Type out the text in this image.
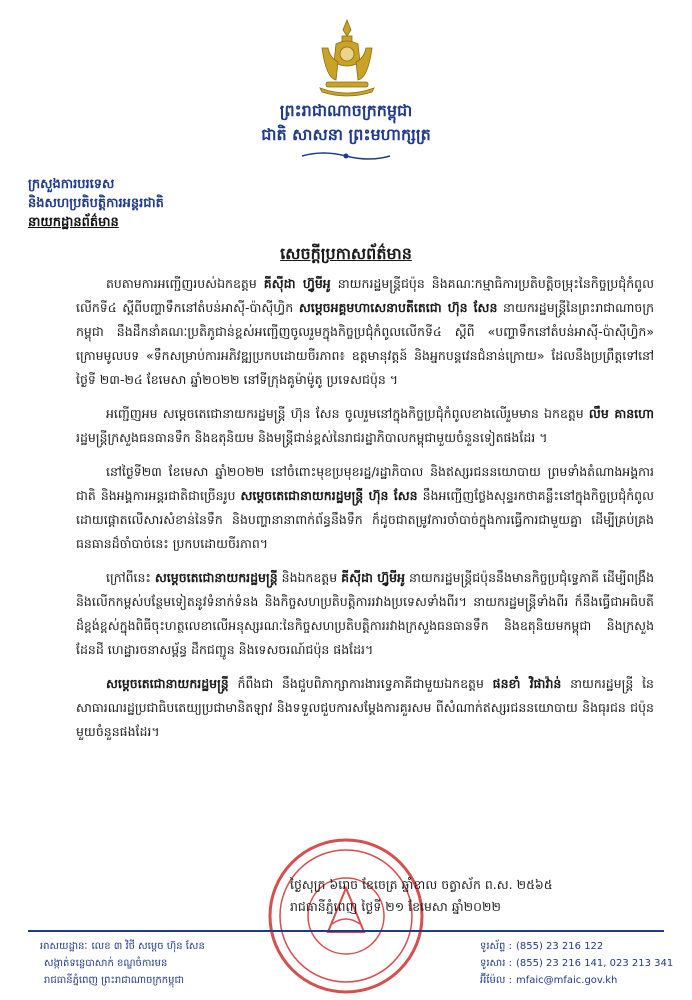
ព្រះរាជាណាចក្រកម្ពុជា
ជាតិ សាសនា ព្រះមហាក្សត្រ
ក្រសួងការបរទេស
និងសហប្រតិបត្តិការអន្តរជាតិ
នាយកដ្ឋានព័ត៌មាន
សេចក្តីប្រកាសព័ត៌មាន

តបតាមការអញ្ជើញរបស់ឯកឧត្តម គីស៊ីដា ហ្វ៊ូមីអូ នាយករដ្ឋមន្ត្រីជប៉ុន និងគណៈកម្មាធិការប្រតិបត្តិចម្រុះនៃកិច្ចប្រជុំកំពូលលើកទី៤ ស្តីពីបញ្ហាទឹកនៅតំបន់អាស៊ី-ប៉ាស៊ីហ្វិក សម្តេចអគ្គមហាសេនាបតីតេជោ ហ៊ុន សែន នាយករដ្ឋមន្ត្រីនៃព្រះរាជាណាចក្រកម្ពុជា នឹងដឹកនាំគណៈប្រតិភូជាន់ខ្ពស់អញ្ជើញចូលរួមក្នុងកិច្ចប្រជុំកំពូលលើកទី៤ ស្តីពី «បញ្ហាទឹកនៅតំបន់អាស៊ី-ប៉ាស៊ីហ្វិក» ក្រោមមូលបទ «ទឹកសម្រាប់ការអភិវឌ្ឍប្រកបដោយចីរភាព៖ ឧត្តមានុវត្តន៍ និងអ្នកបន្តវេនជំនាន់ក្រោយ» ដែលនឹងប្រព្រឹត្តទៅនៅថ្ងៃទី ២៣-២៤ ខែមេសា ឆ្នាំ២០២២ នៅទីក្រុងគូម៉ាម៉ូតូ ប្រទេសជប៉ុន ។

អញ្ជើញអម សម្តេចតេជោនាយករដ្ឋមន្ត្រី ហ៊ុន សែន ចូលរួមនៅក្នុងកិច្ចប្រជុំកំពូលខាងលើរួមមាន ឯកឧត្តម លឹម គានហោ រដ្ឋមន្ត្រីក្រសួងធនធានទឹក និងឧតុនិយម និងមន្ត្រីជាន់ខ្ពស់នៃរាជរដ្ឋាភិបាលកម្ពុជាមួយចំនួនទៀតផងដែរ ។

នៅថ្ងៃទី២៣ ខែមេសា ឆ្នាំ២០២២ នៅចំពោះមុខប្រមុខរដ្ឋ/រដ្ឋាភិបាល និងឥស្សរជននយោបាយ ព្រមទាំងតំណាងអង្គការជាតិ និងអង្គការអន្តរជាតិជាច្រើនរូប សម្តេចតេជោនាយករដ្ឋមន្ត្រី ហ៊ុន សែន នឹងអញ្ជើញថ្លែងសុន្ទរកថាគន្លឹះនៅក្នុងកិច្ចប្រជុំកំពូល ដោយផ្តោតលើសារសំខាន់នៃទឹក និងបញ្ហានានាពាក់ព័ន្ធនឹងទឹក ក៏ដូចជាតម្រូវការចាំបាច់ក្នុងការធ្វើការជាមួយគ្នា ដើម្បីគ្រប់គ្រងធនធានដ៏ចាំបាច់នេះ ប្រកបដោយចីរភាព។

ក្រៅពីនេះ សម្តេចតេជោនាយករដ្ឋមន្ត្រី និងឯកឧត្តម គីស៊ីដា ហ្វ៊ូមីអូ នាយករដ្ឋមន្ត្រីជប៉ុននឹងមានកិច្ចប្រជុំទ្វេភាគី ដើម្បីពង្រឹង និងលើកកម្ពស់បន្ថែមទៀតនូវទំនាក់ទំនង និងកិច្ចសហប្រតិបត្តិការរវាងប្រទេសទាំងពីរ។ នាយករដ្ឋមន្ត្រីទាំងពីរ ក៏នឹងធ្វើជាអធិបតីដ៏ខ្ពង់ខ្ពស់ក្នុងពិធីចុះហត្ថលេខាលើអនុស្សរណៈនៃកិច្ចសហប្រតិបត្តិការរវាងក្រសួងធនធានទឹក និងឧតុនិយមកម្ពុជា និងក្រសួងដែនដី ហេដ្ឋារចនាសម្ព័ន្ធ ដឹកជញ្ជូន និងទេសចរណ៍ជប៉ុន ផងដែរ។

សម្តេចតេជោនាយករដ្ឋមន្ត្រី ក៏ពឹងជា នឹងជួបពិភាក្សាការងារទ្វេភាគីជាមួយឯកឧត្តម ផនខាំ វិផាវ៉ាន់ នាយករដ្ឋមន្ត្រី នៃសាធារណរដ្ឋប្រជាធិបតេយ្យប្រជាមានិតឡាវ និងទទួលជួបការសម្តែងការគួរសម ពីសំណាក់ឥស្សរជននយោបាយ និងធុរជន ជប៉ុនមួយចំនួនផងដែរ។

ថ្ងៃសុក្រ ៦រោច ខែចេត្រ ឆ្នាំខាល ចត្វាស័ក ព.ស. ២៥៦៥
រាជធានីភ្នំពេញ ថ្ងៃទី ២១ ខែមេសា ឆ្នាំ២០២២
អាសយដ្ឋានៈ លេខ ៣ វិថី សម្តេច ហ៊ុន សែន
សង្កាត់ទន្លេបាសាក់ ខណ្ឌចំការមន
រាជធានីភ្នំពេញ ព្រះរាជាណាចក្រកម្ពុជា
ទូរស័ព្ទ : (855) 23 216 122
ទូរសារ : (855) 23 216 141, 023 213 341
អ៊ីម៉ែល : mfaic@mfaic.gov.kh
